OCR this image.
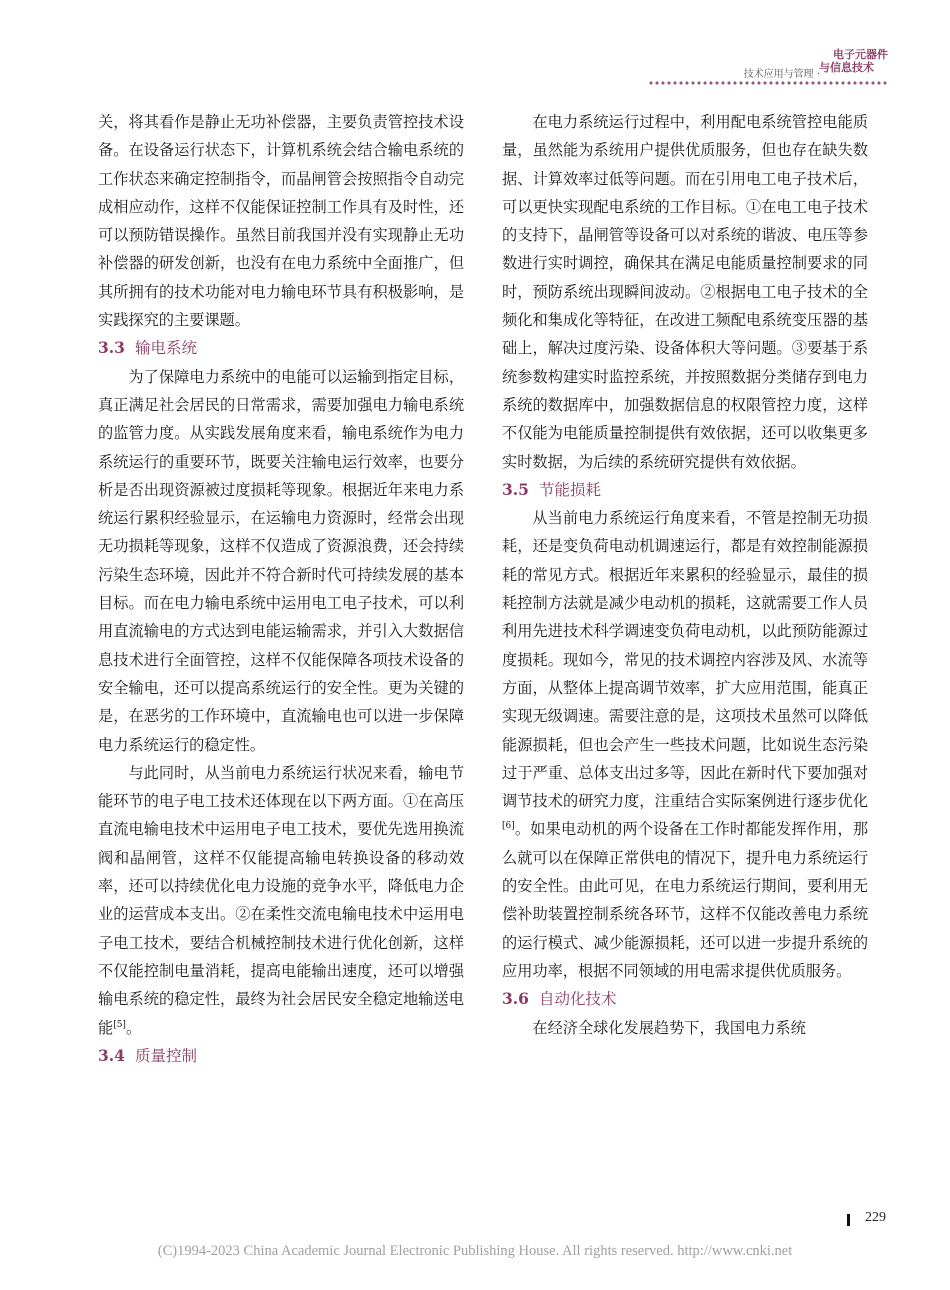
技术应用与管理 ·
电子元器件
与信息技术

关，将其看作是静止无功补偿器，主要负责管控技术设备。在设备运行状态下，计算机系统会结合输电系统的工作状态来确定控制指令，而晶闸管会按照指令自动完成相应动作，这样不仅能保证控制工作具有及时性，还可以预防错误操作。虽然目前我国并没有实现静止无功补偿器的研发创新，也没有在电力系统中全面推广，但其所拥有的技术功能对电力输电环节具有积极影响，是实践探究的主要课题。

3.3 输电系统

为了保障电力系统中的电能可以运输到指定目标，真正满足社会居民的日常需求，需要加强电力输电系统的监管力度。从实践发展角度来看，输电系统作为电力系统运行的重要环节，既要关注输电运行效率，也要分析是否出现资源被过度损耗等现象。根据近年来电力系统运行累积经验显示，在运输电力资源时，经常会出现无功损耗等现象，这样不仅造成了资源浪费，还会持续污染生态环境，因此并不符合新时代可持续发展的基本目标。而在电力输电系统中运用电工电子技术，可以利用直流输电的方式达到电能运输需求，并引入大数据信息技术进行全面管控，这样不仅能保障各项技术设备的安全输电，还可以提高系统运行的安全性。更为关键的是，在恶劣的工作环境中，直流输电也可以进一步保障电力系统运行的稳定性。

与此同时，从当前电力系统运行状况来看，输电节能环节的电子电工技术还体现在以下两方面。①在高压直流电输电技术中运用电子电工技术，要优先选用换流阀和晶闸管，这样不仅能提高输电转换设备的移动效率，还可以持续优化电力设施的竞争水平，降低电力企业的运营成本支出。②在柔性交流电输电技术中运用电子电工技术，要结合机械控制技术进行优化创新，这样不仅能控制电量消耗，提高电能输出速度，还可以增强输电系统的稳定性，最终为社会居民安全稳定地输送电能[5]。

3.4 质量控制

在电力系统运行过程中，利用配电系统管控电能质量，虽然能为系统用户提供优质服务，但也存在缺失数据、计算效率过低等问题。而在引用电工电子技术后，可以更快实现配电系统的工作目标。①在电工电子技术的支持下，晶闸管等设备可以对系统的谐波、电压等参数进行实时调控，确保其在满足电能质量控制要求的同时，预防系统出现瞬间波动。②根据电工电子技术的全频化和集成化等特征，在改进工频配电系统变压器的基础上，解决过度污染、设备体积大等问题。③要基于系统参数构建实时监控系统，并按照数据分类储存到电力系统的数据库中，加强数据信息的权限管控力度，这样不仅能为电能质量控制提供有效依据，还可以收集更多实时数据，为后续的系统研究提供有效依据。

3.5 节能损耗

从当前电力系统运行角度来看，不管是控制无功损耗，还是变负荷电动机调速运行，都是有效控制能源损耗的常见方式。根据近年来累积的经验显示，最佳的损耗控制方法就是减少电动机的损耗，这就需要工作人员利用先进技术科学调速变负荷电动机，以此预防能源过度损耗。现如今，常见的技术调控内容涉及风、水流等方面，从整体上提高调节效率，扩大应用范围，能真正实现无级调速。需要注意的是，这项技术虽然可以降低能源损耗，但也会产生一些技术问题，比如说生态污染过于严重、总体支出过多等，因此在新时代下要加强对调节技术的研究力度，注重结合实际案例进行逐步优化[6]。如果电动机的两个设备在工作时都能发挥作用，那么就可以在保障正常供电的情况下，提升电力系统运行的安全性。由此可见，在电力系统运行期间，要利用无偿补助装置控制系统各环节，这样不仅能改善电力系统的运行模式、减少能源损耗，还可以进一步提升系统的应用功率，根据不同领域的用电需求提供优质服务。

3.6 自动化技术

在经济全球化发展趋势下，我国电力系统

229
(C)1994-2023 China Academic Journal Electronic Publishing House. All rights reserved. http://www.cnki.net
